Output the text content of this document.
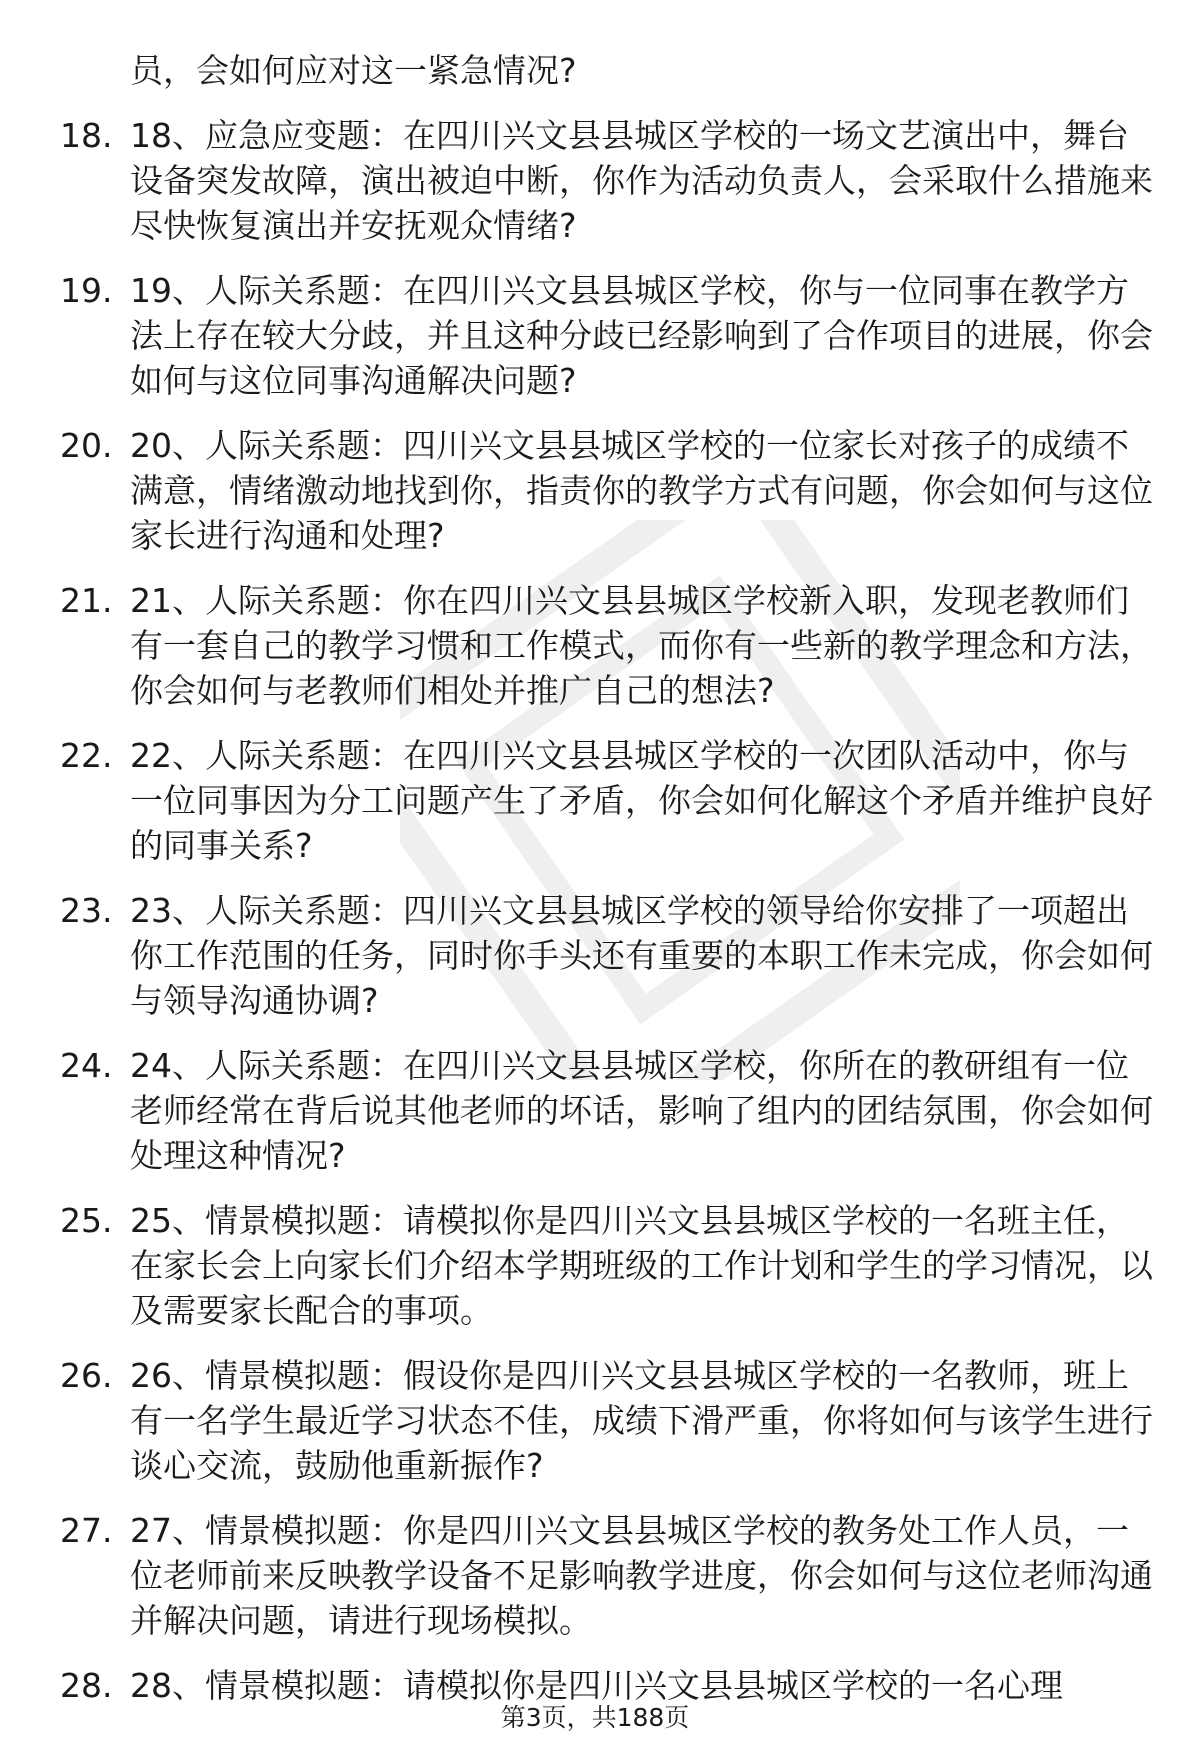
员，会如何应对这一紧急情况?
18. 18、应急应变题：在四川兴文县县城区学校的一场文艺演出中，舞台设备突发故障，演出被迫中断，你作为活动负责人，会采取什么措施来尽快恢复演出并安抚观众情绪?
19. 19、人际关系题：在四川兴文县县城区学校，你与一位同事在教学方法上存在较大分歧，并且这种分歧已经影响到了合作项目的进展，你会如何与这位同事沟通解决问题?
20. 20、人际关系题：四川兴文县县城区学校的一位家长对孩子的成绩不满意，情绪激动地找到你，指责你的教学方式有问题，你会如何与这位家长进行沟通和处理?
21. 21、人际关系题：你在四川兴文县县城区学校新入职，发现老教师们有一套自己的教学习惯和工作模式，而你有一些新的教学理念和方法，你会如何与老教师们相处并推广自己的想法?
22. 22、人际关系题：在四川兴文县县城区学校的一次团队活动中，你与一位同事因为分工问题产生了矛盾，你会如何化解这个矛盾并维护良好的同事关系?
23. 23、人际关系题：四川兴文县县城区学校的领导给你安排了一项超出你工作范围的任务，同时你手头还有重要的本职工作未完成，你会如何与领导沟通协调?
24. 24、人际关系题：在四川兴文县县城区学校，你所在的教研组有一位老师经常在背后说其他老师的坏话，影响了组内的团结氛围，你会如何处理这种情况?
25. 25、情景模拟题：请模拟你是四川兴文县县城区学校的一名班主任，在家长会上向家长们介绍本学期班级的工作计划和学生的学习情况，以及需要家长配合的事项。
26. 26、情景模拟题：假设你是四川兴文县县城区学校的一名教师，班上有一名学生最近学习状态不佳，成绩下滑严重，你将如何与该学生进行谈心交流，鼓励他重新振作?
27. 27、情景模拟题：你是四川兴文县县城区学校的教务处工作人员，一位老师前来反映教学设备不足影响教学进度，你会如何与这位老师沟通并解决问题，请进行现场模拟。
28. 28、情景模拟题：请模拟你是四川兴文县县城区学校的一名心理
第3页，共188页
